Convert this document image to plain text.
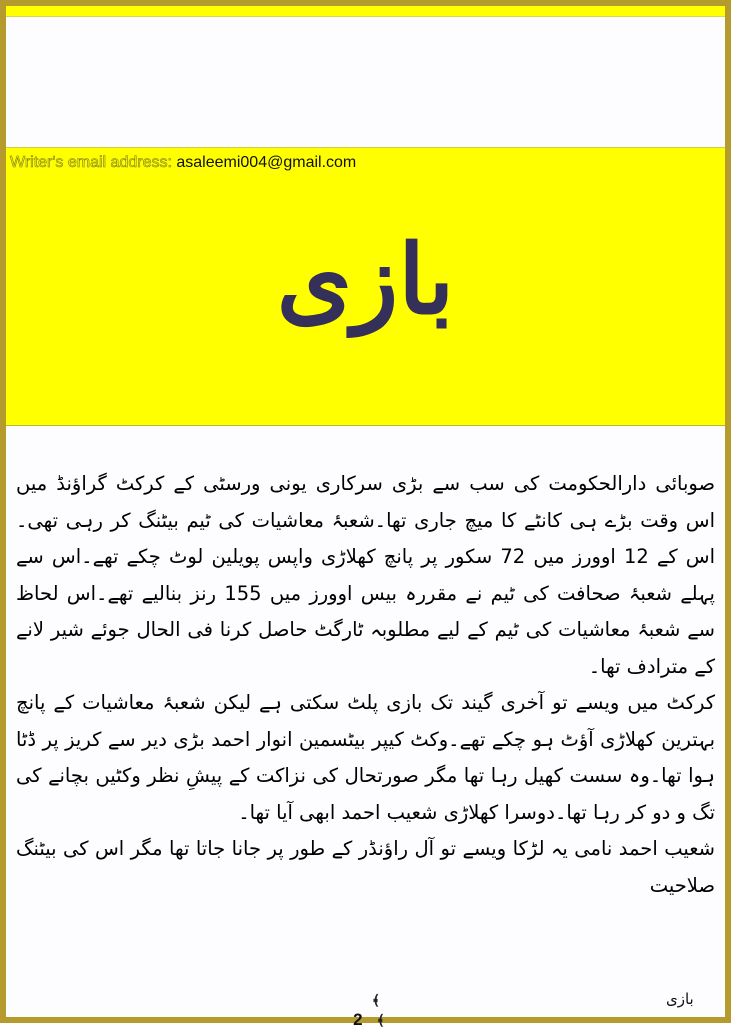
بازی
Writer's email address: asaleemi004@gmail.com

صوبائی دارالحکومت کی سب سے بڑی سرکاری یونی ورسٹی کے کرکٹ گراؤنڈ میں اس وقت بڑے ہی کانٹے کا میچ جاری تھا۔شعبۂ معاشیات کی ٹیم بیٹنگ کر رہی تھی۔اس کے 12 اوورز میں 72 سکور پر پانچ کھلاڑی واپس پویلین لوٹ چکے تھے۔اس سے پہلے شعبۂ صحافت کی ٹیم نے مقررہ بیس اوورز میں 155 رنز بنالیے تھے۔اس لحاظ سے شعبۂ معاشیات کی ٹیم کے لیے مطلوبہ ٹارگٹ حاصل کرنا فی الحال جوئے شیر لانے کے مترادف تھا۔

کرکٹ میں ویسے تو آخری گیند تک بازی پلٹ سکتی ہے لیکن شعبۂ معاشیات کے پانچ بہترین کھلاڑی آؤٹ ہو چکے تھے۔وکٹ کیپر بیٹسمین انوار احمد بڑی دیر سے کریز پر ڈٹا ہوا تھا۔وہ سست کھیل رہا تھا مگر صورتحال کی نزاکت کے پیشِ نظر وکٹیں بچانے کی تگ و دو کر رہا تھا۔دوسرا کھلاڑی شعیب احمد ابھی آیا تھا۔

شعیب احمد نامی یہ لڑکا ویسے تو آل راؤنڈر کے طور پر جانا جاتا تھا مگر اس کی بیٹنگ صلاحیت

﴾2 ﴾
بازی
